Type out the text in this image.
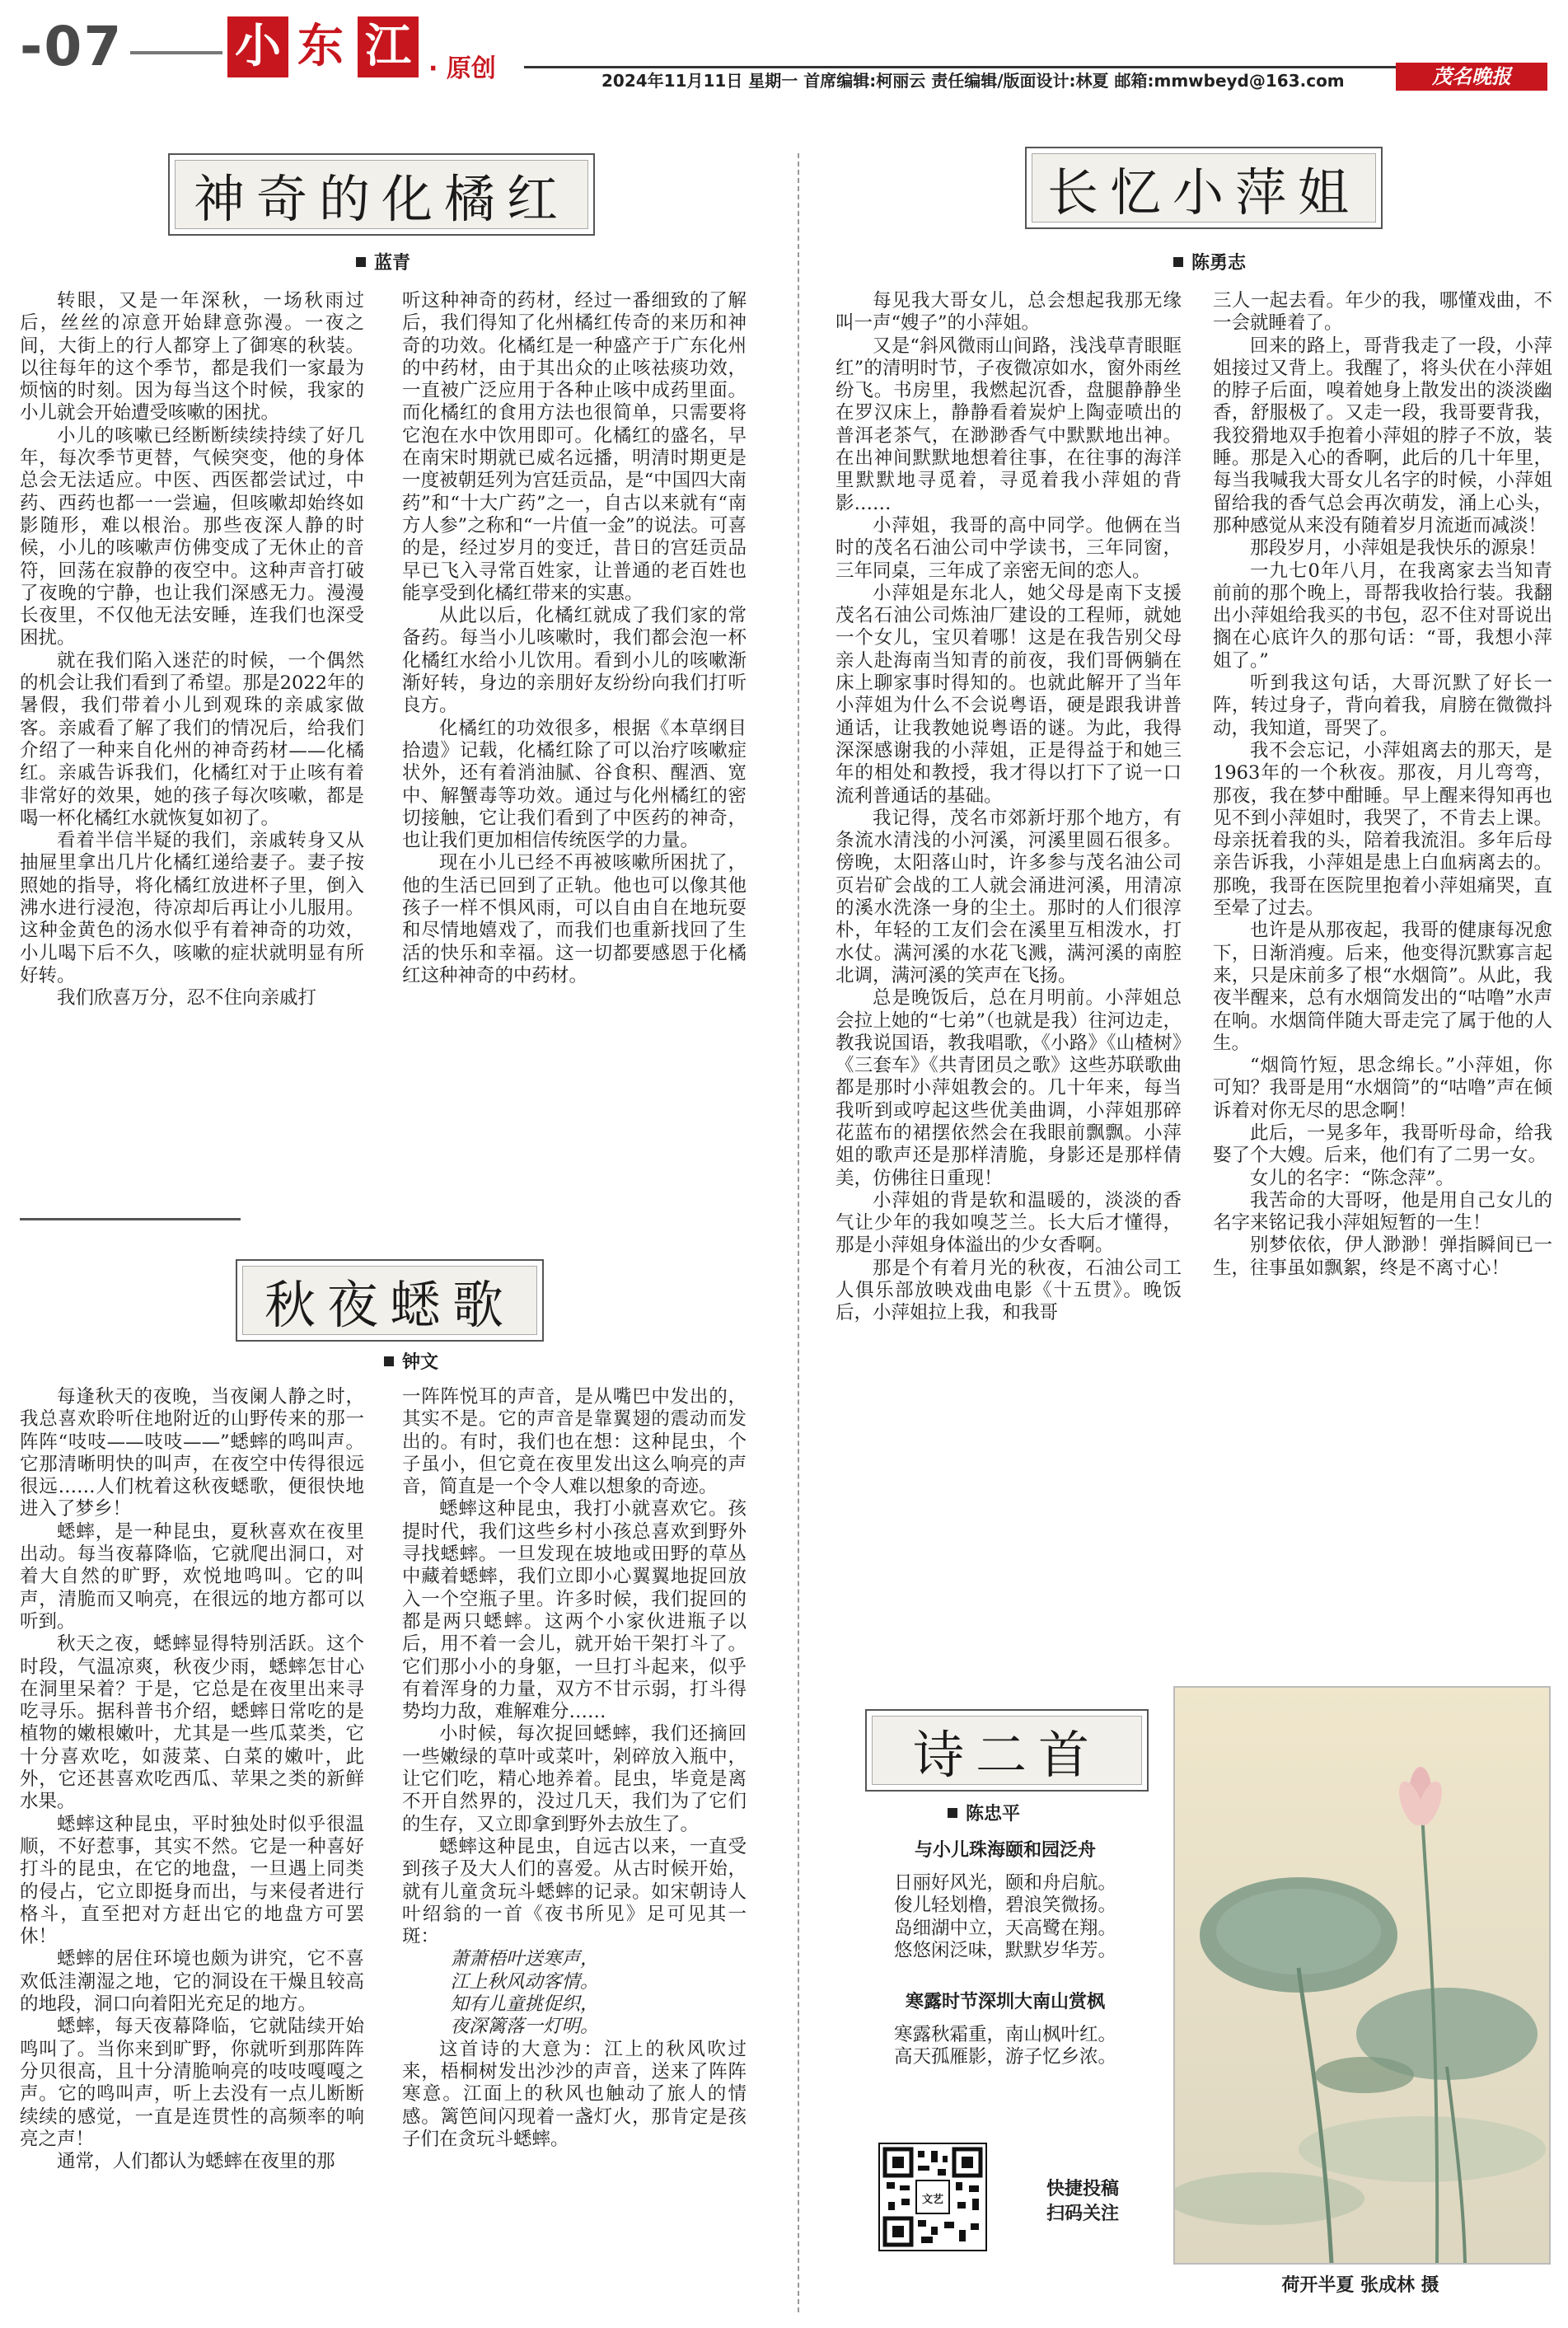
-07 小 东 江 · 原创	2024年11月11日 星期一 首席编辑:柯丽云 责任编辑/版面设计:林夏 邮箱:mmwbeyd@163.com	茂名晚报
神奇的化橘红
蓝青

转眼，又是一年深秋，一场秋雨过后，丝丝的凉意开始肆意弥漫。一夜之间，大街上的行人都穿上了御寒的秋装。以往每年的这个季节，都是我们一家最为烦恼的时刻。因为每当这个时候，我家的小儿就会开始遭受咳嗽的困扰。

小儿的咳嗽已经断断续续持续了好几年，每次季节更替，气候突变，他的身体总会无法适应。中医、西医都尝试过，中药、西药也都一一尝遍，但咳嗽却始终如影随形，难以根治。那些夜深人静的时候，小儿的咳嗽声仿佛变成了无休止的音符，回荡在寂静的夜空中。这种声音打破了夜晚的宁静，也让我们深感无力。漫漫长夜里，不仅他无法安睡，连我们也深受困扰。

就在我们陷入迷茫的时候，一个偶然的机会让我们看到了希望。那是2022年的暑假，我们带着小儿到观珠的亲戚家做客。亲戚看了解了我们的情况后，给我们介绍了一种来自化州的神奇药材——化橘红。亲戚告诉我们，化橘红对于止咳有着非常好的效果，她的孩子每次咳嗽，都是喝一杯化橘红水就恢复如初了。

看着半信半疑的我们，亲戚转身又从抽屉里拿出几片化橘红递给妻子。妻子按照她的指导，将化橘红放进杯子里，倒入沸水进行浸泡，待凉却后再让小儿服用。这种金黄色的汤水似乎有着神奇的功效，小儿喝下后不久，咳嗽的症状就明显有所好转。

我们欣喜万分，忍不住向亲戚打

听这种神奇的药材，经过一番细致的了解后，我们得知了化州橘红传奇的来历和神奇的功效。化橘红是一种盛产于广东化州的中药材，由于其出众的止咳祛痰功效，一直被广泛应用于各种止咳中成药里面。而化橘红的食用方法也很简单，只需要将它泡在水中饮用即可。化橘红的盛名，早在南宋时期就已威名远播，明清时期更是一度被朝廷列为宫廷贡品，是“中国四大南药”和“十大广药”之一，自古以来就有“南方人参”之称和“一片值一金”的说法。可喜的是，经过岁月的变迁，昔日的宫廷贡品早已飞入寻常百姓家，让普通的老百姓也能享受到化橘红带来的实惠。

从此以后，化橘红就成了我们家的常备药。每当小儿咳嗽时，我们都会泡一杯化橘红水给小儿饮用。看到小儿的咳嗽渐渐好转，身边的亲朋好友纷纷向我们打听良方。

化橘红的功效很多，根据《本草纲目拾遗》记载，化橘红除了可以治疗咳嗽症状外，还有着消油腻、谷食积、醒酒、宽中、解蟹毒等功效。通过与化州橘红的密切接触，它让我们看到了中医药的神奇，也让我们更加相信传统医学的力量。

现在小儿已经不再被咳嗽所困扰了，他的生活已回到了正轨。他也可以像其他孩子一样不惧风雨，可以自由自在地玩耍和尽情地嬉戏了，而我们也重新找回了生活的快乐和幸福。这一切都要感恩于化橘红这种神奇的中药材。

秋夜蟋歌
钟文

每逢秋天的夜晚，当夜阑人静之时，我总喜欢聆听住地附近的山野传来的那一阵阵“吱吱——吱吱——”蟋蟀的鸣叫声。它那清晰明快的叫声，在夜空中传得很远很远……人们枕着这秋夜蟋歌，便很快地进入了梦乡！

蟋蟀，是一种昆虫，夏秋喜欢在夜里出动。每当夜幕降临，它就爬出洞口，对着大自然的旷野，欢悦地鸣叫。它的叫声，清脆而又响亮，在很远的地方都可以听到。

秋天之夜，蟋蟀显得特别活跃。这个时段，气温凉爽，秋夜少雨，蟋蟀怎甘心在洞里呆着？于是，它总是在夜里出来寻吃寻乐。据科普书介绍，蟋蟀日常吃的是植物的嫩根嫩叶，尤其是一些瓜菜类，它十分喜欢吃，如菠菜、白菜的嫩叶，此外，它还甚喜欢吃西瓜、苹果之类的新鲜水果。

蟋蟀这种昆虫，平时独处时似乎很温顺，不好惹事，其实不然。它是一种喜好打斗的昆虫，在它的地盘，一旦遇上同类的侵占，它立即挺身而出，与来侵者进行格斗，直至把对方赶出它的地盘方可罢休！

蟋蟀的居住环境也颇为讲究，它不喜欢低洼潮湿之地，它的洞设在干燥且较高的地段，洞口向着阳光充足的地方。

蟋蟀，每天夜幕降临，它就陆续开始鸣叫了。当你来到旷野，你就听到那阵阵分贝很高，且十分清脆响亮的吱吱嘎嘎之声。它的鸣叫声，听上去没有一点儿断断续续的感觉，一直是连贯性的高频率的响亮之声！

通常，人们都认为蟋蟀在夜里的那

一阵阵悦耳的声音，是从嘴巴中发出的，其实不是。它的声音是靠翼翅的震动而发出的。有时，我们也在想：这种昆虫，个子虽小，但它竟在夜里发出这么响亮的声音，简直是一个令人难以想象的奇迹。

蟋蟀这种昆虫，我打小就喜欢它。孩提时代，我们这些乡村小孩总喜欢到野外寻找蟋蟀。一旦发现在坡地或田野的草丛中藏着蟋蟀，我们立即小心翼翼地捉回放入一个空瓶子里。许多时候，我们捉回的都是两只蟋蟀。这两个小家伙进瓶子以后，用不着一会儿，就开始干架打斗了。它们那小小的身躯，一旦打斗起来，似乎有着浑身的力量，双方不甘示弱，打斗得势均力敌，难解难分……

小时候，每次捉回蟋蟀，我们还摘回一些嫩绿的草叶或菜叶，剁碎放入瓶中，让它们吃，精心地养着。昆虫，毕竟是离不开自然界的，没过几天，我们为了它们的生存，又立即拿到野外去放生了。

蟋蟀这种昆虫，自远古以来，一直受到孩子及大人们的喜爱。从古时候开始，就有儿童贪玩斗蟋蟀的记录。如宋朝诗人叶绍翁的一首《夜书所见》足可见其一斑：

萧萧梧叶送寒声，
江上秋风动客情。
知有儿童挑促织，
夜深篱落一灯明。

这首诗的大意为：江上的秋风吹过来，梧桐树发出沙沙的声音，送来了阵阵寒意。江面上的秋风也触动了旅人的情感。篱笆间闪现着一盏灯火，那肯定是孩子们在贪玩斗蟋蟀。

长忆小萍姐
陈勇志

每见我大哥女儿，总会想起我那无缘叫一声“嫂子”的小萍姐。

又是“斜风微雨山间路，浅浅草青眼眶红”的清明时节，子夜微凉如水，窗外雨丝纷飞。书房里，我燃起沉香，盘腿静静坐在罗汉床上，静静看着炭炉上陶壶喷出的普洱老茶气，在渺渺香气中默默地出神。在出神间默默地想着往事，在往事的海洋里默默地寻觅着，寻觅着我小萍姐的背影……

小萍姐，我哥的高中同学。他俩在当时的茂名石油公司中学读书，三年同窗，三年同桌，三年成了亲密无间的恋人。

小萍姐是东北人，她父母是南下支援茂名石油公司炼油厂建设的工程师，就她一个女儿，宝贝着哪！这是在我告别父母亲人赴海南当知青的前夜，我们哥俩躺在床上聊家事时得知的。也就此解开了当年小萍姐为什么不会说粤语，硬是跟我讲普通话，让我教她说粤语的谜。为此，我得深深感谢我的小萍姐，正是得益于和她三年的相处和教授，我才得以打下了说一口流利普通话的基础。

我记得，茂名市郊新圩那个地方，有条流水清浅的小河溪，河溪里圆石很多。傍晚，太阳落山时，许多参与茂名油公司页岩矿会战的工人就会涌进河溪，用清凉的溪水洗涤一身的尘土。那时的人们很淳朴，年轻的工友们会在溪里互相泼水，打水仗。满河溪的水花飞溅，满河溪的南腔北调，满河溪的笑声在飞扬。

总是晚饭后，总在月明前。小萍姐总会拉上她的“七弟”（也就是我）往河边走，教我说国语，教我唱歌，《小路》《山楂树》《三套车》《共青团员之歌》这些苏联歌曲都是那时小萍姐教会的。几十年来，每当我听到或哼起这些优美曲调，小萍姐那碎花蓝布的裙摆依然会在我眼前飘飘。小萍姐的歌声还是那样清脆，身影还是那样倩美，仿佛往日重现！

小萍姐的背是软和温暖的，淡淡的香气让少年的我如嗅芝兰。长大后才懂得，那是小萍姐身体溢出的少女香啊。

那是个有着月光的秋夜，石油公司工人俱乐部放映戏曲电影《十五贯》。晚饭后，小萍姐拉上我，和我哥

三人一起去看。年少的我，哪懂戏曲，不一会就睡着了。

回来的路上，哥背我走了一段，小萍姐接过又背上。我醒了，将头伏在小萍姐的脖子后面，嗅着她身上散发出的淡淡幽香，舒服极了。又走一段，我哥要背我，我狡猾地双手抱着小萍姐的脖子不放，装睡。那是入心的香啊，此后的几十年里，每当我喊我大哥女儿名字的时候，小萍姐留给我的香气总会再次萌发，涌上心头，那种感觉从来没有随着岁月流逝而减淡！

那段岁月，小萍姐是我快乐的源泉！

一九七0年八月，在我离家去当知青前前的那个晚上，哥帮我收拾行装。我翻出小萍姐给我买的书包，忍不住对哥说出搁在心底许久的那句话：“哥，我想小萍姐了。”

听到我这句话，大哥沉默了好长一阵，转过身子，背向着我，肩膀在微微抖动，我知道，哥哭了。

我不会忘记，小萍姐离去的那天，是1963年的一个秋夜。那夜，月儿弯弯，那夜，我在梦中酣睡。早上醒来得知再也见不到小萍姐时，我哭了，不肯去上课。母亲抚着我的头，陪着我流泪。多年后母亲告诉我，小萍姐是患上白血病离去的。那晚，我哥在医院里抱着小萍姐痛哭，直至晕了过去。

也许是从那夜起，我哥的健康每况愈下，日渐消瘦。后来，他变得沉默寡言起来，只是床前多了根“水烟筒”。从此，我夜半醒来，总有水烟筒发出的“咕噜”水声在响。水烟筒伴随大哥走完了属于他的人生。

“烟筒竹短，思念绵长。”小萍姐，你可知？我哥是用“水烟筒”的“咕噜”声在倾诉着对你无尽的思念啊！

此后，一晃多年，我哥听母命，给我娶了个大嫂。后来，他们有了二男一女。

女儿的名字：“陈念萍”。

我苦命的大哥呀，他是用自己女儿的名字来铭记我小萍姐短暂的一生！

别梦依依，伊人渺渺！弹指瞬间已一生，往事虽如飘絮，终是不离寸心！

诗二首
陈忠平
与小儿珠海颐和园泛舟
日丽好风光，颐和舟启航。
俊儿轻划橹，碧浪笑微扬。
岛细湖中立，天高鹭在翔。
悠悠闲泛味，默默岁华芳。
寒露时节深圳大南山赏枫
寒露秋霜重，南山枫叶红。
高天孤雁影，游子忆乡浓。
文艺
快捷投稿
扫码关注
荷开半夏 张成林 摄
